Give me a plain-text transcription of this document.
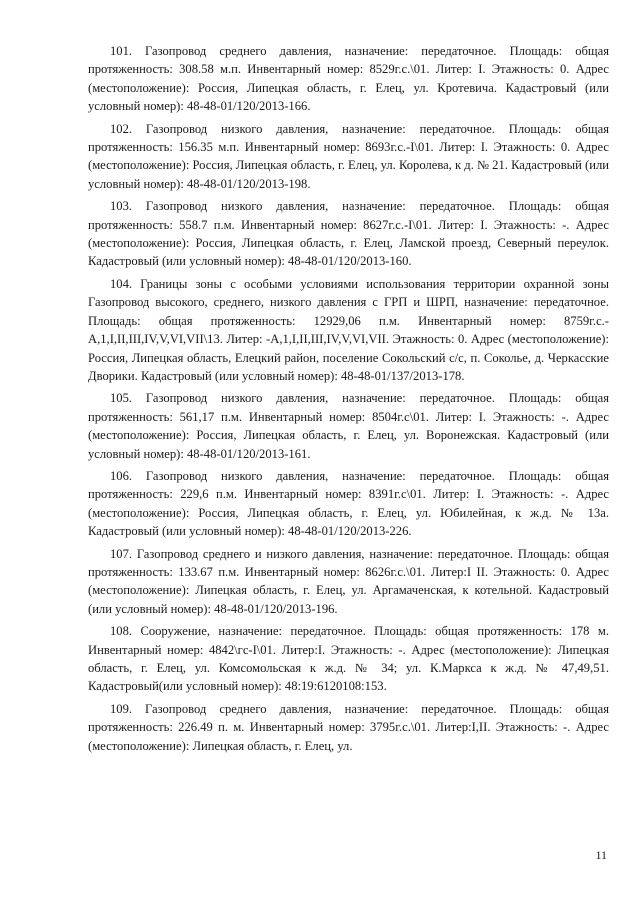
101. Газопровод среднего давления, назначение: передаточное. Площадь: общая протяженность: 308.58 м.п. Инвентарный номер: 8529г.с.\01. Литер: I. Этажность: 0. Адрес (местоположение): Россия, Липецкая область, г. Елец, ул. Кротевича. Кадастровый (или условный номер): 48-48-01/120/2013-166.

102. Газопровод низкого давления, назначение: передаточное. Площадь: общая протяженность: 156.35 м.п. Инвентарный номер: 8693г.с.-I\01. Литер: I. Этажность: 0. Адрес (местоположение): Россия, Липецкая область, г. Елец, ул. Королева, к д. № 21. Кадастровый (или условный номер): 48-48-01/120/2013-198.

103. Газопровод низкого давления, назначение: передаточное. Площадь: общая протяженность: 558.7 п.м. Инвентарный номер: 8627г.с.-I\01. Литер: I. Этажность: -. Адрес (местоположение): Россия, Липецкая область, г. Елец, Ламской проезд, Северный переулок. Кадастровый (или условный номер): 48-48-01/120/2013-160.

104. Границы зоны с особыми условиями использования территории охранной зоны Газопровод высокого, среднего, низкого давления с ГРП и ШРП, назначение: передаточное. Площадь: общая протяженность: 12929,06 п.м. Инвентарный номер: 8759г.с.-А,1,I,II,III,IV,V,VI,VII\13. Литер: -А,1,I,II,III,IV,V,VI,VII. Этажность: 0. Адрес (местоположение): Россия, Липецкая область, Елецкий район, поселение Сокольский с/с, п. Соколье, д. Черкасские Дворики. Кадастровый (или условный номер): 48-48-01/137/2013-178.

105. Газопровод низкого давления, назначение: передаточное. Площадь: общая протяженность: 561,17 п.м. Инвентарный номер: 8504г.с\01. Литер: I. Этажность: -. Адрес (местоположение): Россия, Липецкая область, г. Елец, ул. Воронежская. Кадастровый (или условный номер): 48-48-01/120/2013-161.

106. Газопровод низкого давления, назначение: передаточное. Площадь: общая протяженность: 229,6 п.м. Инвентарный номер: 8391г.с\01. Литер: I. Этажность: -. Адрес (местоположение): Россия, Липецкая область, г. Елец, ул. Юбилейная, к ж.д. № 13а. Кадастровый (или условный номер): 48-48-01/120/2013-226.

107. Газопровод среднего и низкого давления, назначение: передаточное. Площадь: общая протяженность: 133.67 п.м. Инвентарный номер: 8626г.с.\01. Литер:I II. Этажность: 0. Адрес (местоположение): Липецкая область, г. Елец, ул. Аргамаченская, к котельной. Кадастровый (или условный номер): 48-48-01/120/2013-196.

108. Сооружение, назначение: передаточное. Площадь: общая протяженность: 178 м. Инвентарный номер: 4842\гс-I\01. Литер:I. Этажность: -. Адрес (местоположение): Липецкая область, г. Елец, ул. Комсомольская к ж.д. № 34; ул. К.Маркса к ж.д. № 47,49,51. Кадастровый(или условный номер): 48:19:6120108:153.

109. Газопровод среднего давления, назначение: передаточное. Площадь: общая протяженность: 226.49 п. м. Инвентарный номер: 3795г.с.\01. Литер:I,II. Этажность: -. Адрес (местоположение): Липецкая область, г. Елец, ул.

11
